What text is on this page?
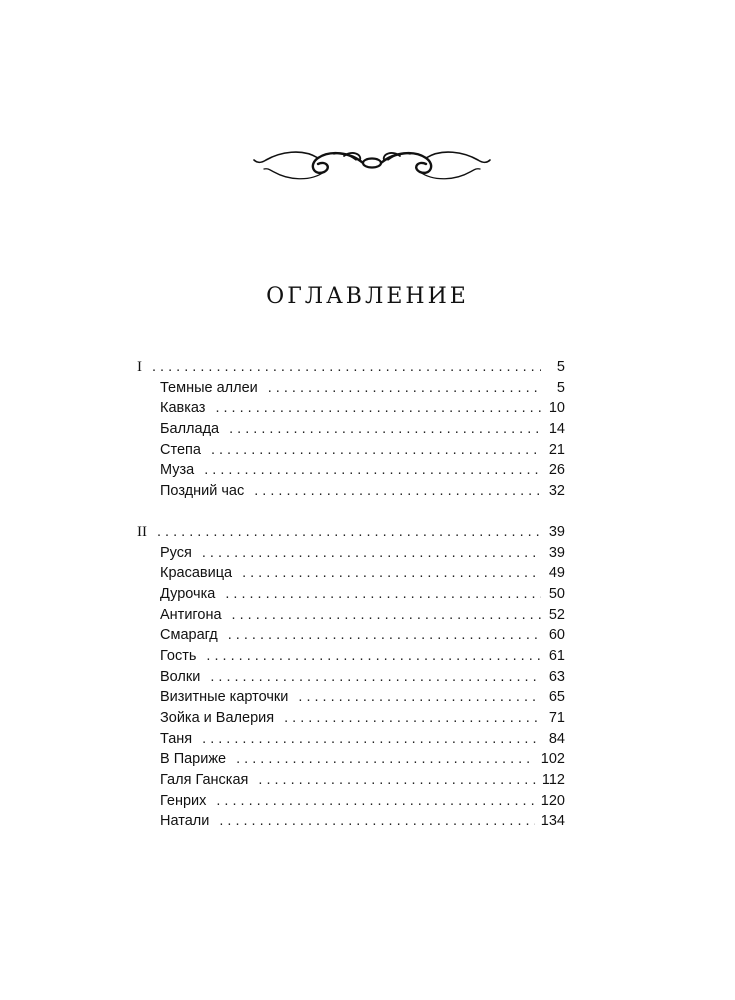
ОГЛАВЛЕНИЕ
I . . .	5
Темные аллеи . . .	5
Кавказ . . .	10
Баллада . . .	14
Степа . . .	21
Муза . . .	26
Поздний час . . .	32
II . . .	39
Руся . . .	39
Красавица . . .	49
Дурочка . . .	50
Антигона . . .	52
Смарагд . . .	60
Гость . . .	61
Волки . . .	63
Визитные карточки . . .	65
Зойка и Валерия . . .	71
Таня . . .	84
В Париже . . .	102
Галя Ганская . . .	112
Генрих . . .	120
Натали . . .	134
